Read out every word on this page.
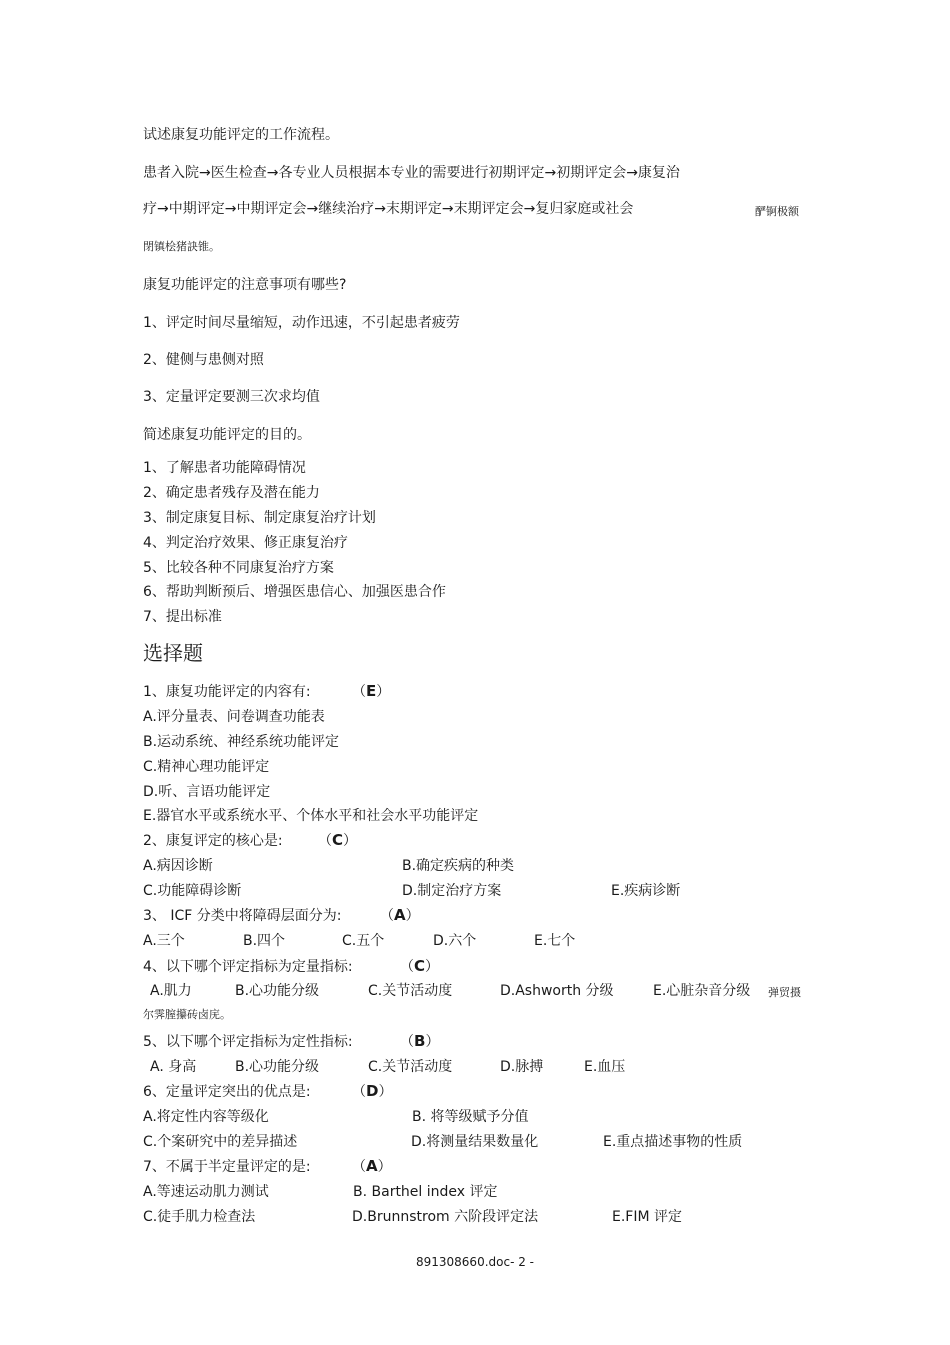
试述康复功能评定的工作流程。
患者入院→医生检查→各专业人员根据本专业的需要进行初期评定→初期评定会→康复治
疗→中期评定→中期评定会→继续治疗→末期评定→末期评定会→复归家庭或社会	酽锕极额
閉镇桧猪訣锥。
康复功能评定的注意事项有哪些?
1、评定时间尽量缩短，动作迅速，不引起患者疲劳
2、健侧与患侧对照
3、定量评定要测三次求均值
简述康复功能评定的目的。
1、了解患者功能障碍情况
2、确定患者残存及潜在能力
3、制定康复目标、制定康复治疗计划
4、判定治疗效果、修正康复治疗
5、比较各种不同康复治疗方案
6、帮助判断预后、增强医患信心、加强医患合作
7、提出标准
选择题
1、康复功能评定的内容有:	（E）
A.评分量表、问卷调查功能表
B.运动系统、神经系统功能评定
C.精神心理功能评定
D.听、言语功能评定
E.器官水平或系统水平、个体水平和社会水平功能评定
2、康复评定的核心是:	（C）
A.病因诊断	B.确定疾病的种类
C.功能障碍诊断	D.制定治疗方案	E.疾病诊断
3、 ICF 分类中将障碍层面分为:	（A）
A.三个	B.四个	C.五个	D.六个	E.七个
4、以下哪个评定指标为定量指标:	（C）
A.肌力	B.心功能分级	C.关节活动度	D.Ashworth 分级	E.心脏杂音分级 弹贸摄
尔霁膣攥砖卤庑。
5、以下哪个评定指标为定性指标:	（B）
A. 身高	B.心功能分级	C.关节活动度	D.脉搏	E.血压
6、定量评定突出的优点是:	（D）
A.将定性内容等级化	B. 将等级赋予分值
C.个案研究中的差异描述	D.将测量结果数量化	E.重点描述事物的性质
7、不属于半定量评定的是:	（A）
A.等速运动肌力测试	B. Barthel index 评定
C.徒手肌力检查法	D.Brunnstrom 六阶段评定法	E.FIM 评定
891308660.doc- 2 -
